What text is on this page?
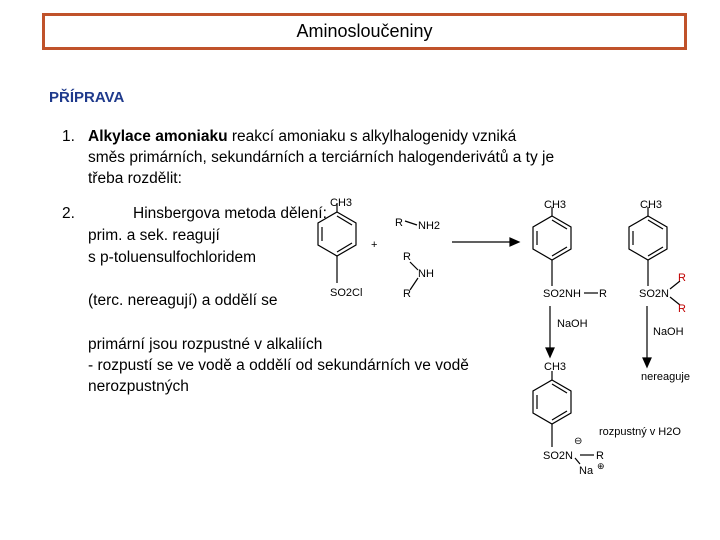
Aminosloučeniny
PŘÍPRAVA
1. Alkylace amoniaku reakcí amoniaku s alkylhalogenidy vzniká
směs primárních, sekundárních a terciárních halogenderivátů a ty je
třeba rozdělit:
2.	Hinsbergova metoda dělení:
prim. a sek. reagují
s p-toluensulfochloridem
(terc. nereagují) a oddělí se
primární jsou rozpustné v alkaliích
- rozpustí se ve vodě a oddělí od sekundárních ve vodě
nerozpustných
CH3
SO2Cl
+
R NH2
R
NH
R
CH3
SO2NH R
NaOH
CH3
SO2N
R
R
NaOH
nereaguje
CH3
⊖
rozpustný v H2O
SO2N R
Na ⊕
